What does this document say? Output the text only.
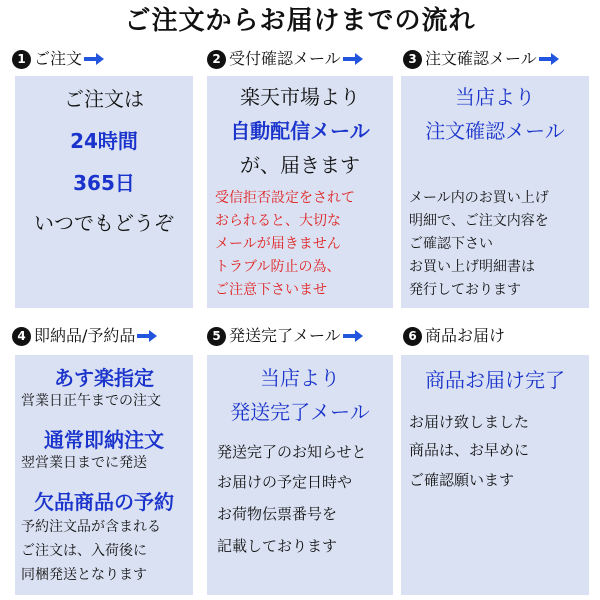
ご注文からお届けまでの流れ
1 ご注文
ご注文は
24時間
365日
いつでもどうぞ
2 受付確認メール
楽天市場より
自動配信メール
が、届きます
受信拒否設定をされて
おられると、大切な
メールが届きません
トラブル防止の為、
ご注意下さいませ
3 注文確認メール
当店より
注文確認メール
メール内のお買い上げ
明細で、ご注文内容を
ご確認下さい
お買い上げ明細書は
発行しております
4 即納品/予約品
あす楽指定
営業日正午までの注文
通常即納注文
翌営業日までに発送
欠品商品の予約
予約注文品が含まれる
ご注文は、入荷後に
同梱発送となります
5 発送完了メール
当店より
発送完了メール
発送完了のお知らせと
お届けの予定日時や
お荷物伝票番号を
記載しております
6 商品お届け
商品お届け完了
お届け致しました
商品は、お早めに
ご確認願います
